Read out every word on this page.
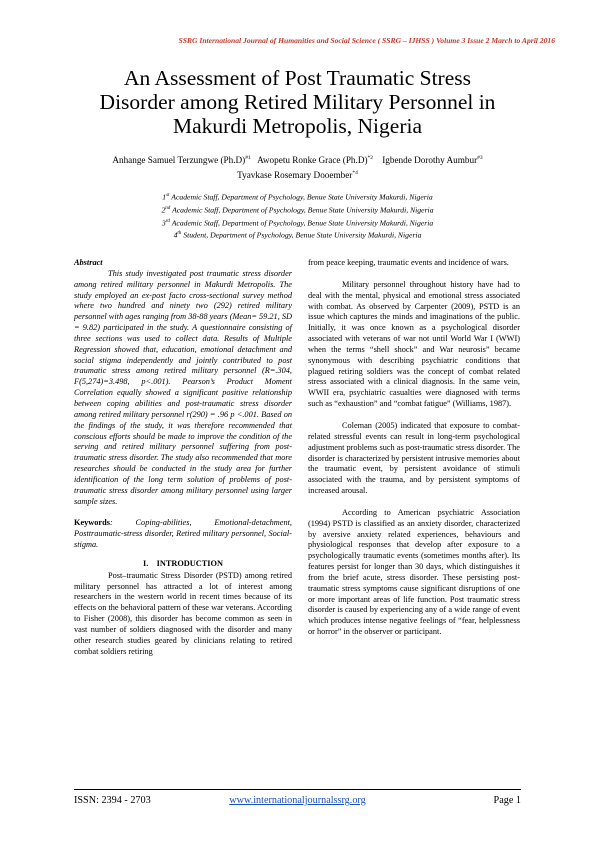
SSRG International Journal of Humanities and Social Science ( SSRG – IJHSS ) Volume 3 Issue 2 March to April 2016
An Assessment of Post Traumatic Stress
Disorder among Retired Military Personnel in
Makurdi Metropolis, Nigeria
Anhange Samuel Terzungwe $(Ph.D)^{\#1}$ Awopetu Ronke Grace $(Ph.D)^{*2}$ Igbende Dorothy Aumbur$^{\#3}$
Tyavkase Rosemary Dooember$^{*4}$
1st Academic Staff, Department of Psychology, Benue State University Makurdi, Nigeria
2nd Academic Staff, Department of Psychology, Benue State University Makurdi, Nigeria
3rd Academic Staff, Department of Psychology, Benue State University Makurdi, Nigeria
4th Student, Department of Psychology, Benue State University Makurdi, Nigeria

Abstract

This study investigated post traumatic stress disorder among retired military personnel in Makurdi Metropolis. The study employed an ex-post facto cross-sectional survey method where two hundred and ninety two (292) retired military personnel with ages ranging from 38-88 years (Mean= 59.21, SD = 9.82) participated in the study. A questionnaire consisting of three sections was used to collect data. Results of Multiple Regression showed that, education, emotional detachment and social stigma independently and jointly contributed to post traumatic stress among retired military personnel (R=.304, F(5,274)=3.498, p<.001). Pearson’s Product Moment Correlation equally showed a significant positive relationship between coping abilities and post-traumatic stress disorder among retired military personnel r(290) = .96 p <.001. Based on the findings of the study, it was therefore recommended that conscious efforts should be made to improve the condition of the serving and retired military personnel suffering from post-traumatic stress disorder. The study also recommended that more researches should be conducted in the study area for further identification of the long term solution of problems of post-traumatic stress disorder among military personnel using larger sample sizes.

Keywords: Coping-abilities, Emotional-detachment, Posttraumatic-stress disorder, Retired military personnel, Social-stigma.

I.    INTRODUCTION

Post–traumatic Stress Disorder (PSTD) among retired military personnel has attracted a lot of interest among researchers in the western world in recent times because of its effects on the behavioral pattern of these war veterans. According to Fisher (2008), this disorder has become common as seen in vast number of soldiers diagnosed with the disorder and many other research studies geared by clinicians relating to retired combat soldiers retiring

from peace keeping, traumatic events and incidence of wars.

Military personnel throughout history have had to deal with the mental, physical and emotional stress associated with combat. As observed by Carpenter (2009), PSTD is an issue which captures the minds and imaginations of the public. Initially, it was once known as a psychological disorder associated with veterans of war not until World War I (WWI) when the terms “shell shock” and War neurosis” became synonymous with describing psychiatric conditions that plagued retiring soldiers was the concept of combat related stress associated with a clinical diagnosis. In the same vein, WWII era, psychiatric casualties were diagnosed with terms such as “exhaustion” and “combat fatigue” (Williams, 1987).

Coleman (2005) indicated that exposure to combat-related stressful events can result in long-term psychological adjustment problems such as post-traumatic stress disorder. The disorder is characterized by persistent intrusive memories about the traumatic event, by persistent avoidance of stimuli associated with the trauma, and by persistent symptoms of increased arousal.

According to American psychiatric Association (1994) PSTD is classified as an anxiety disorder, characterized by aversive anxiety related experiences, behaviours and physiological responses that develop after exposure to a psychologically traumatic events (sometimes months after). Its features persist for longer than 30 days, which distinguishes it from the brief acute, stress disorder. These persisting post-traumatic stress symptoms cause significant disruptions of one or more important areas of life function. Post traumatic stress disorder is caused by experiencing any of a wide range of event which produces intense negative feelings of “fear, helplessness or horror” in the observer or participant.

ISSN: 2394 - 2703	www.internationaljournalssrg.org	Page 1
